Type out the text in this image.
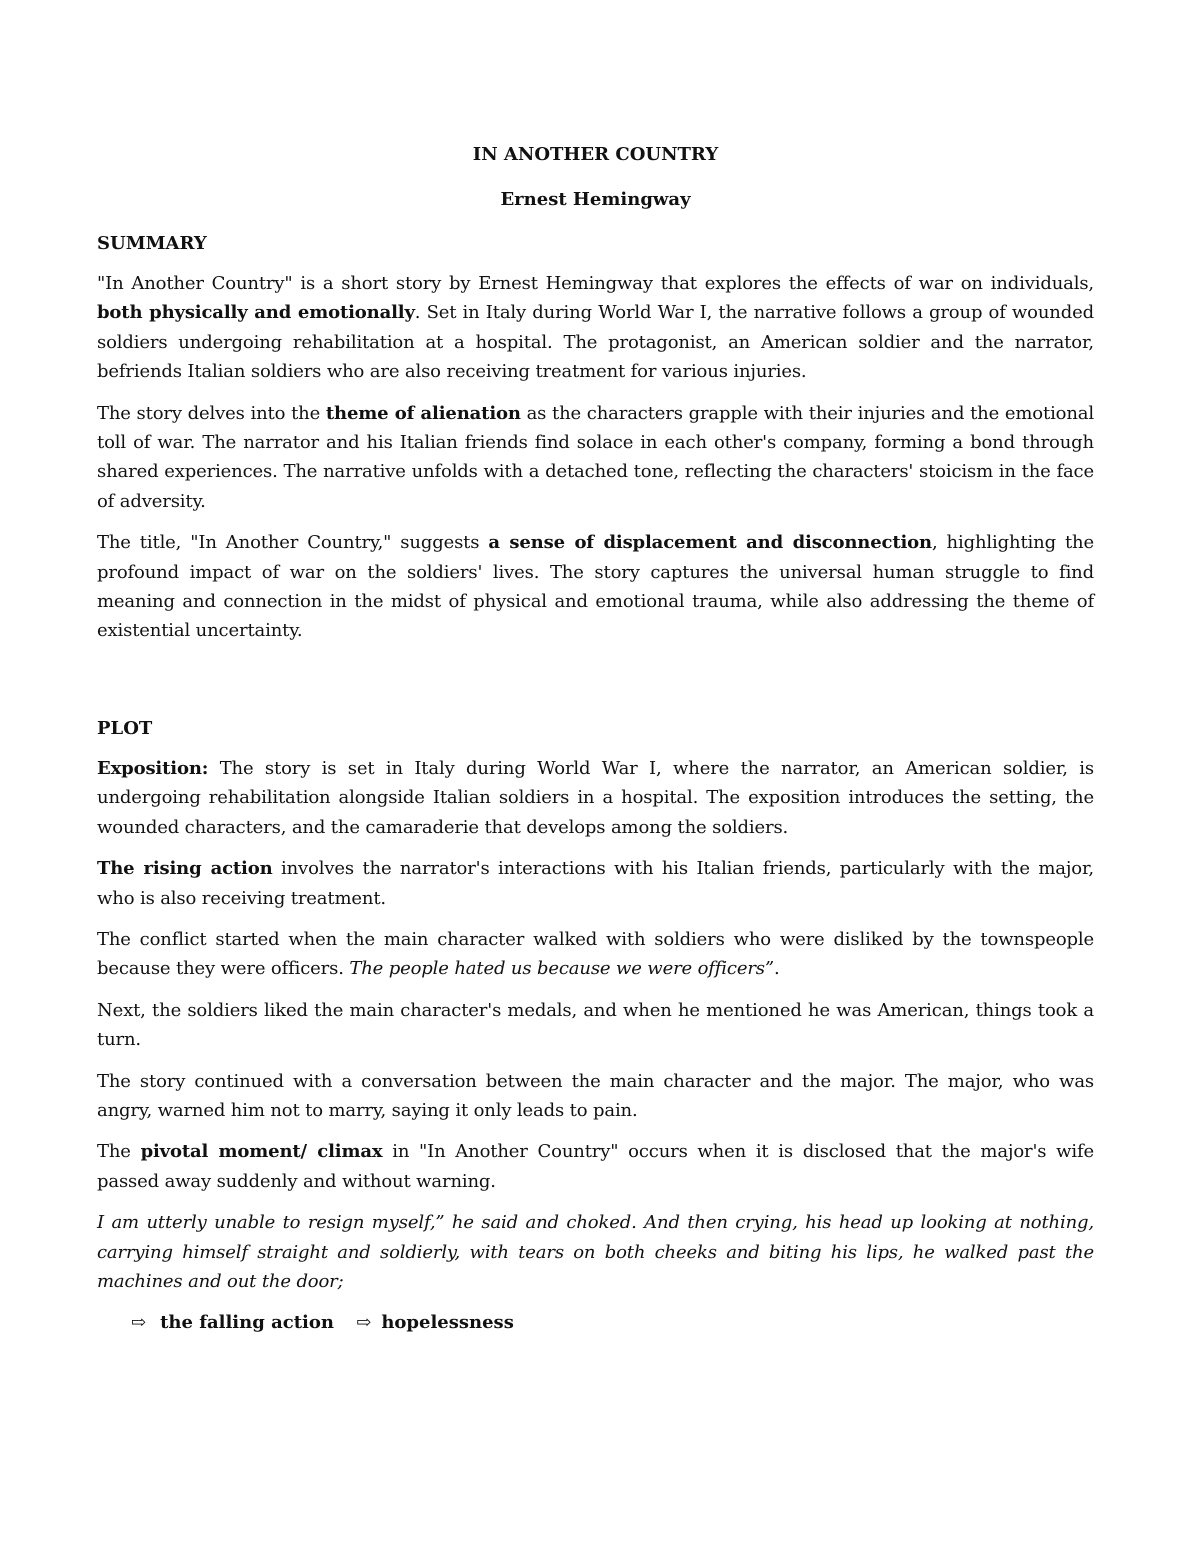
IN ANOTHER COUNTRY

Ernest Hemingway

SUMMARY

"In Another Country" is a short story by Ernest Hemingway that explores the effects of war on individuals, both physically and emotionally. Set in Italy during World War I, the narrative follows a group of wounded soldiers undergoing rehabilitation at a hospital. The protagonist, an American soldier and the narrator, befriends Italian soldiers who are also receiving treatment for various injuries.

The story delves into the theme of alienation as the characters grapple with their injuries and the emotional toll of war. The narrator and his Italian friends find solace in each other's company, forming a bond through shared experiences. The narrative unfolds with a detached tone, reflecting the characters' stoicism in the face of adversity.

The title, "In Another Country," suggests a sense of displacement and disconnection, highlighting the profound impact of war on the soldiers' lives. The story captures the universal human struggle to find meaning and connection in the midst of physical and emotional trauma, while also addressing the theme of existential uncertainty.

PLOT

Exposition: The story is set in Italy during World War I, where the narrator, an American soldier, is undergoing rehabilitation alongside Italian soldiers in a hospital. The exposition introduces the setting, the wounded characters, and the camaraderie that develops among the soldiers.

The rising action involves the narrator's interactions with his Italian friends, particularly with the major, who is also receiving treatment.

The conflict started when the main character walked with soldiers who were disliked by the townspeople because they were officers. The people hated us because we were officers”.

Next, the soldiers liked the main character's medals, and when he mentioned he was American, things took a turn.

The story continued with a conversation between the main character and the major. The major, who was angry, warned him not to marry, saying it only leads to pain.

The pivotal moment/ climax in "In Another Country" occurs when it is disclosed that the major's wife passed away suddenly and without warning.

I am utterly unable to resign myself,” he said and choked. And then crying, his head up looking at nothing, carrying himself straight and soldierly, with tears on both cheeks and biting his lips, he walked past the machines and out the door;

⇨ the falling action ⇨ hopelessness
